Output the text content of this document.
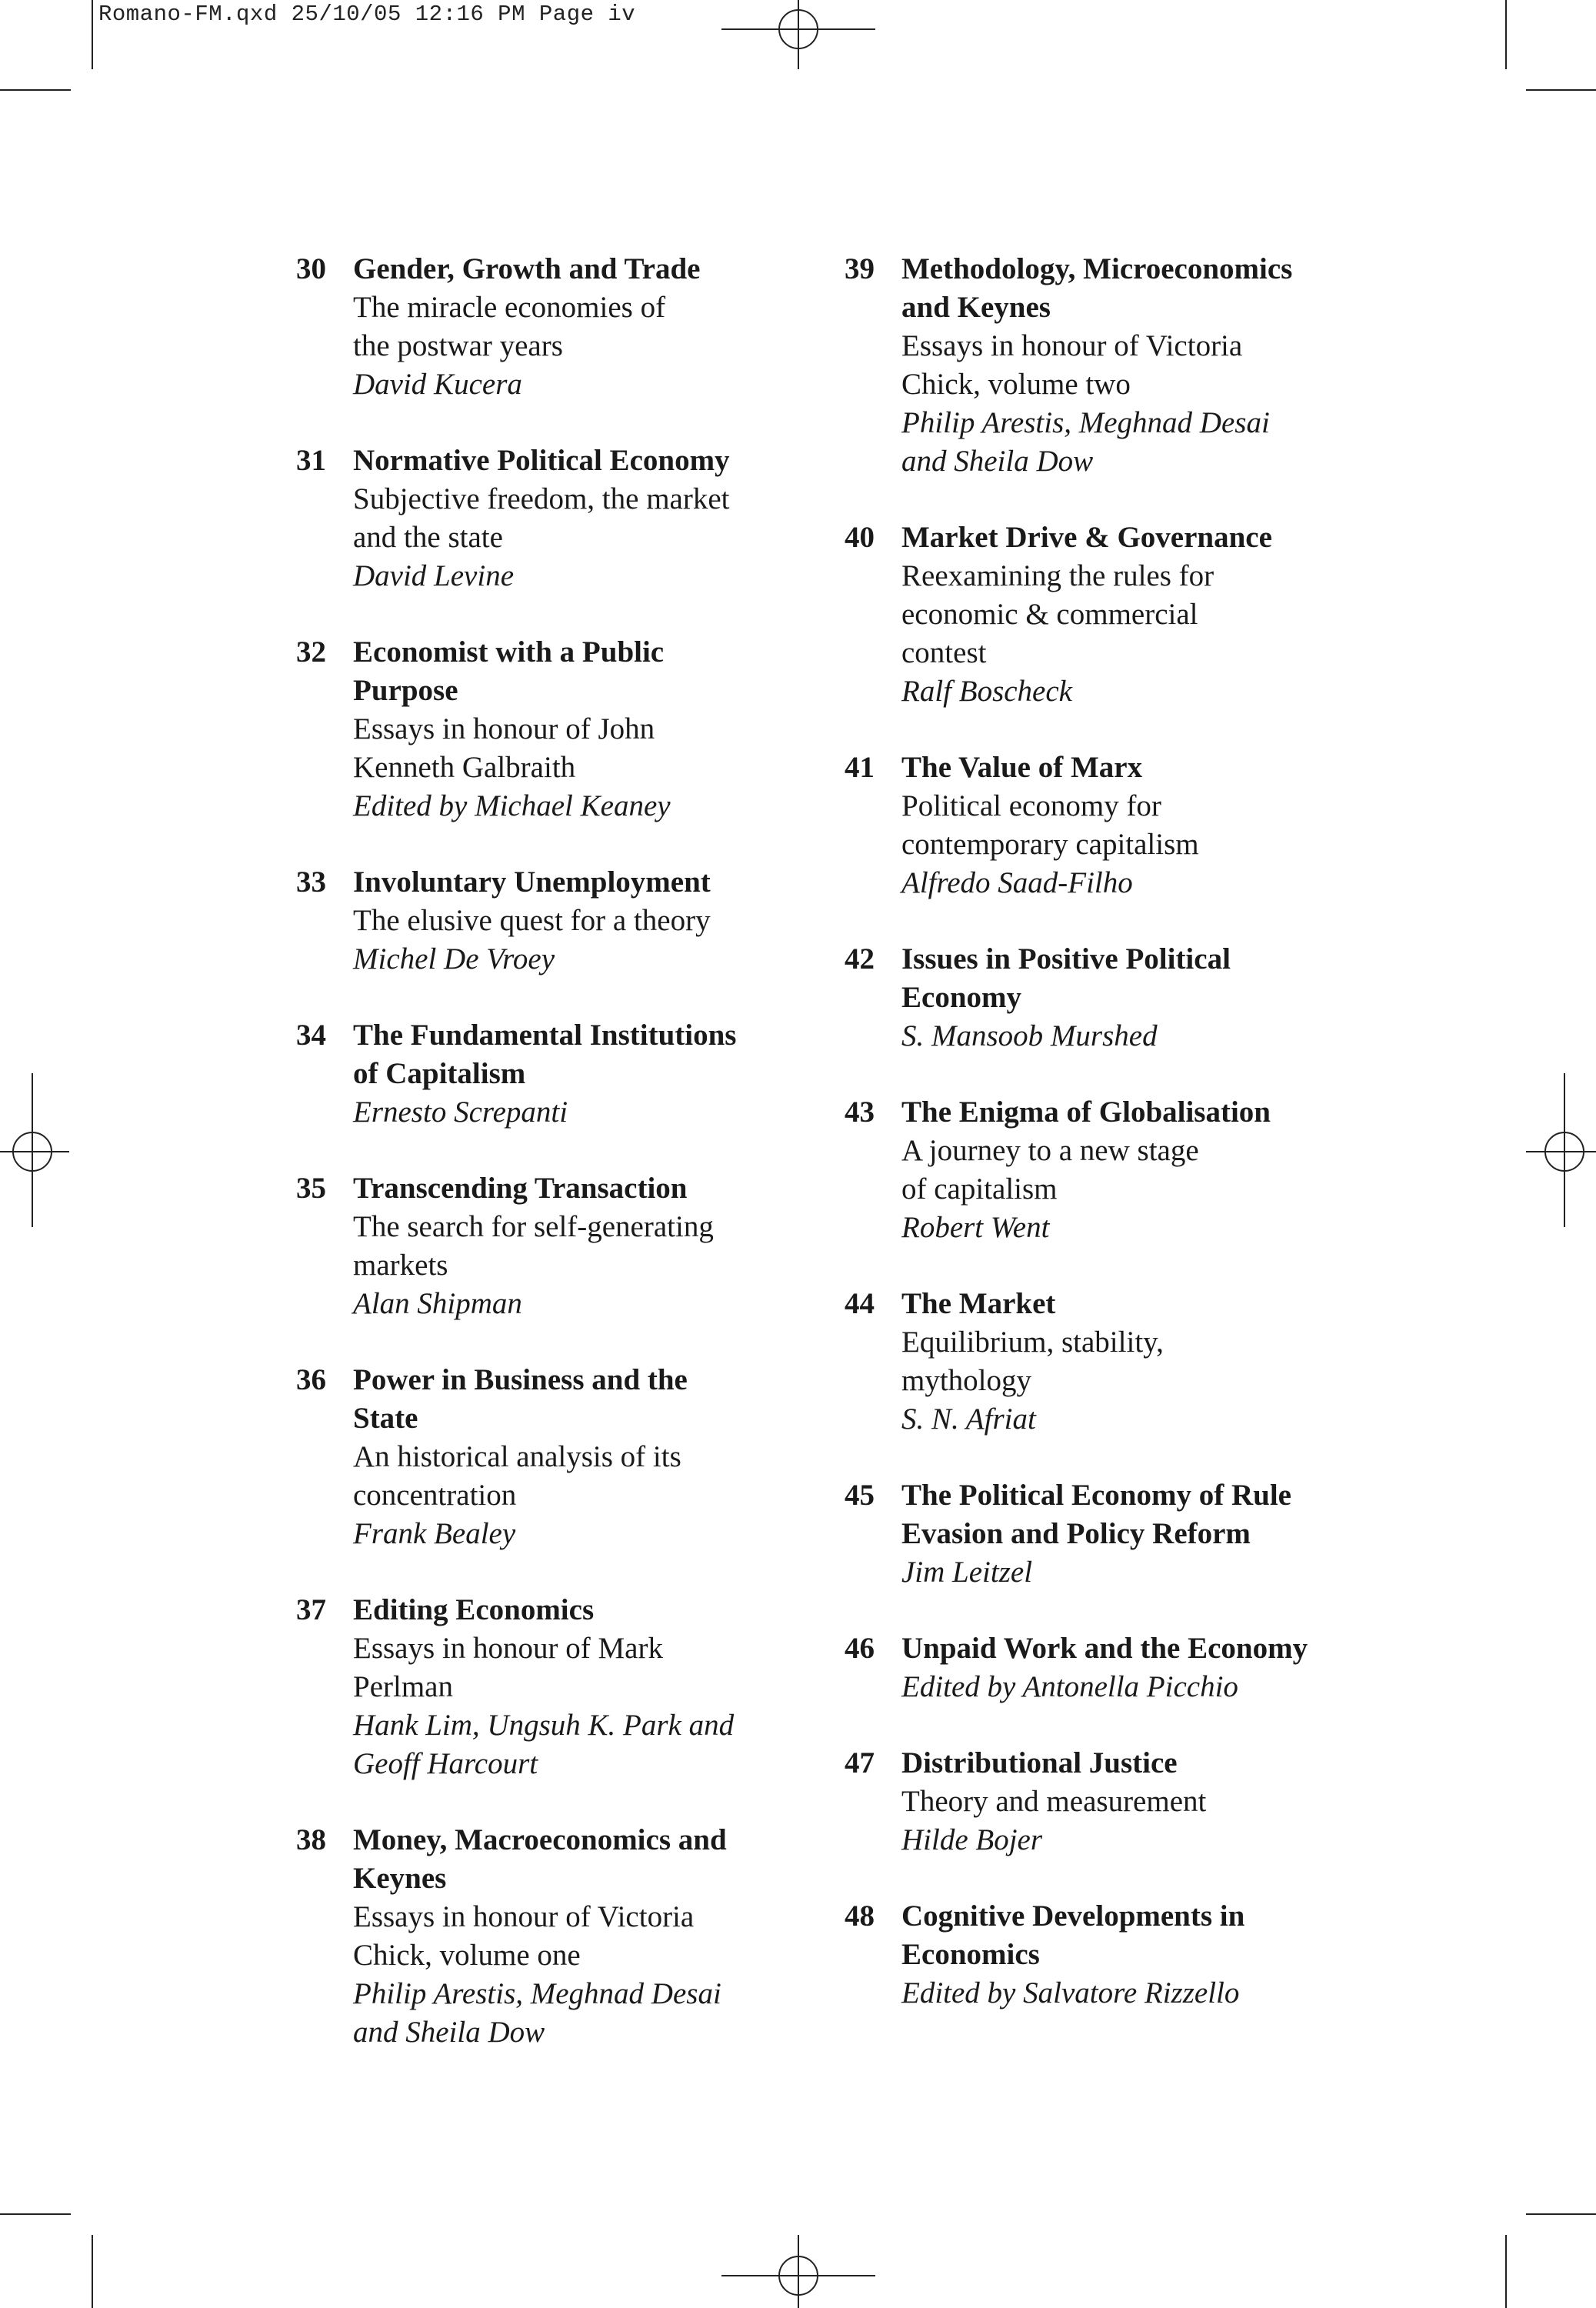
Romano-FM.qxd 25/10/05 12:16 PM Page iv
30 Gender, Growth and Trade
The miracle economies of
the postwar years
David Kucera
31 Normative Political Economy
Subjective freedom, the market
and the state
David Levine
32 Economist with a Public
Purpose
Essays in honour of John
Kenneth Galbraith
Edited by Michael Keaney
33 Involuntary Unemployment
The elusive quest for a theory
Michel De Vroey
34 The Fundamental Institutions
of Capitalism
Ernesto Screpanti
35 Transcending Transaction
The search for self-generating
markets
Alan Shipman
36 Power in Business and the
State
An historical analysis of its
concentration
Frank Bealey
37 Editing Economics
Essays in honour of Mark
Perlman
Hank Lim, Ungsuh K. Park and
Geoff Harcourt
38 Money, Macroeconomics and
Keynes
Essays in honour of Victoria
Chick, volume one
Philip Arestis, Meghnad Desai
and Sheila Dow
39 Methodology, Microeconomics
and Keynes
Essays in honour of Victoria
Chick, volume two
Philip Arestis, Meghnad Desai
and Sheila Dow
40 Market Drive & Governance
Reexamining the rules for
economic & commercial
contest
Ralf Boscheck
41 The Value of Marx
Political economy for
contemporary capitalism
Alfredo Saad-Filho
42 Issues in Positive Political
Economy
S. Mansoob Murshed
43 The Enigma of Globalisation
A journey to a new stage
of capitalism
Robert Went
44 The Market
Equilibrium, stability,
mythology
S. N. Afriat
45 The Political Economy of Rule
Evasion and Policy Reform
Jim Leitzel
46 Unpaid Work and the Economy
Edited by Antonella Picchio
47 Distributional Justice
Theory and measurement
Hilde Bojer
48 Cognitive Developments in
Economics
Edited by Salvatore Rizzello
